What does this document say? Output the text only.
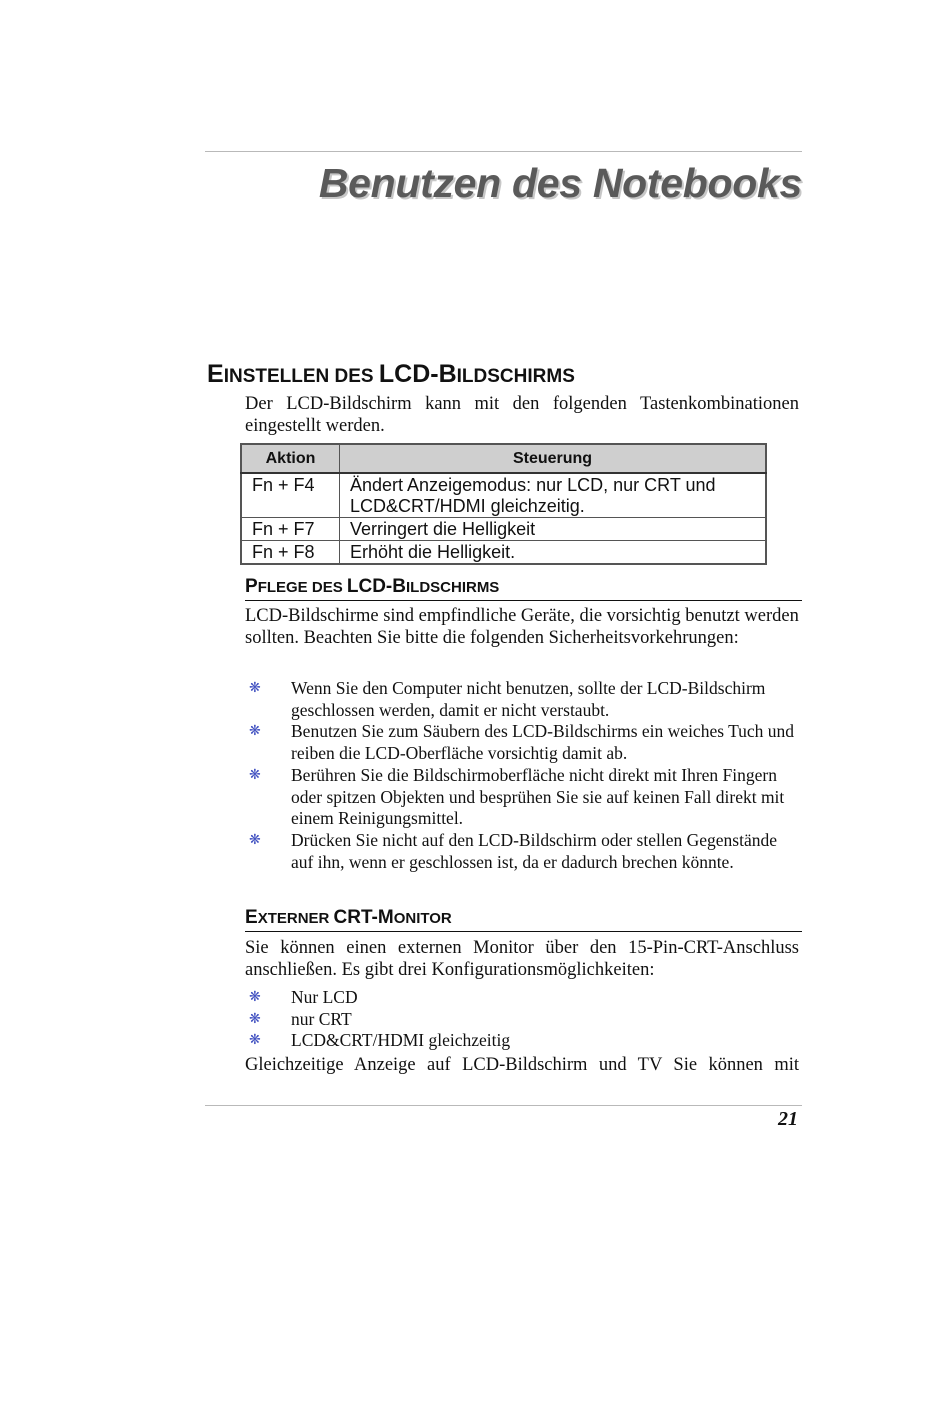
Benutzen des Notebooks
EINSTELLEN DES LCD-BILDSCHIRMS

Der LCD-Bildschirm kann mit den folgenden Tastenkombinationen eingestellt werden.

Aktion	Steuerung
Fn + F4	Ändert Anzeigemodus: nur LCD, nur CRT und LCD&CRT/HDMI gleichzeitig.
Fn + F7	Verringert die Helligkeit
Fn + F8	Erhöht die Helligkeit.
PFLEGE DES LCD-BILDSCHIRMS

LCD-Bildschirme sind empfindliche Geräte, die vorsichtig benutzt werden sollten. Beachten Sie bitte die folgenden Sicherheitsvorkehrungen:

❋ Wenn Sie den Computer nicht benutzen, sollte der LCD-Bildschirm geschlossen werden, damit er nicht verstaubt.
❋ Benutzen Sie zum Säubern des LCD-Bildschirms ein weiches Tuch und reiben die LCD-Oberfläche vorsichtig damit ab.
❋ Berühren Sie die Bildschirmoberfläche nicht direkt mit Ihren Fingern oder spitzen Objekten und besprühen Sie sie auf keinen Fall direkt mit einem Reinigungsmittel.
❋ Drücken Sie nicht auf den LCD-Bildschirm oder stellen Gegenstände auf ihn, wenn er geschlossen ist, da er dadurch brechen könnte.
EXTERNER CRT-MONITOR

Sie können einen externen Monitor über den 15-Pin-CRT-Anschluss anschließen. Es gibt drei Konfigurationsmöglichkeiten:

❋ Nur LCD
❋ nur CRT
❋ LCD&CRT/HDMI gleichzeitig

Gleichzeitige Anzeige auf LCD-Bildschirm und TV Sie können mit

21
